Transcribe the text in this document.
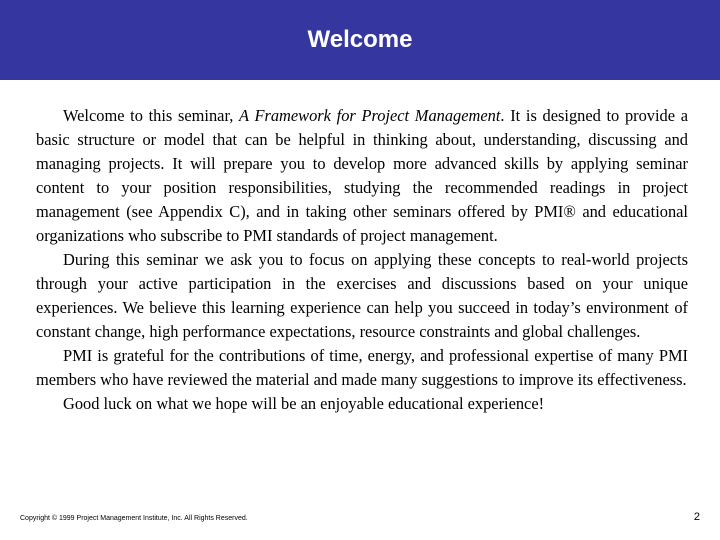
Welcome

Welcome to this seminar, A Framework for Project Management. It is designed to provide a basic structure or model that can be helpful in thinking about, understanding, discussing and managing projects. It will prepare you to develop more advanced skills by applying seminar content to your position responsibilities, studying the recommended readings in project management (see Appendix C), and in taking other seminars offered by PMI® and educational organizations who subscribe to PMI standards of project management.

During this seminar we ask you to focus on applying these concepts to real-world projects through your active participation in the exercises and discussions based on your unique experiences. We believe this learning experience can help you succeed in today’s environment of constant change, high performance expectations, resource constraints and global challenges.

PMI is grateful for the contributions of time, energy, and professional expertise of many PMI members who have reviewed the material and made many suggestions to improve its effectiveness.

Good luck on what we hope will be an enjoyable educational experience!

Copyright © 1999 Project Management Institute, Inc. All Rights Reserved.	2
